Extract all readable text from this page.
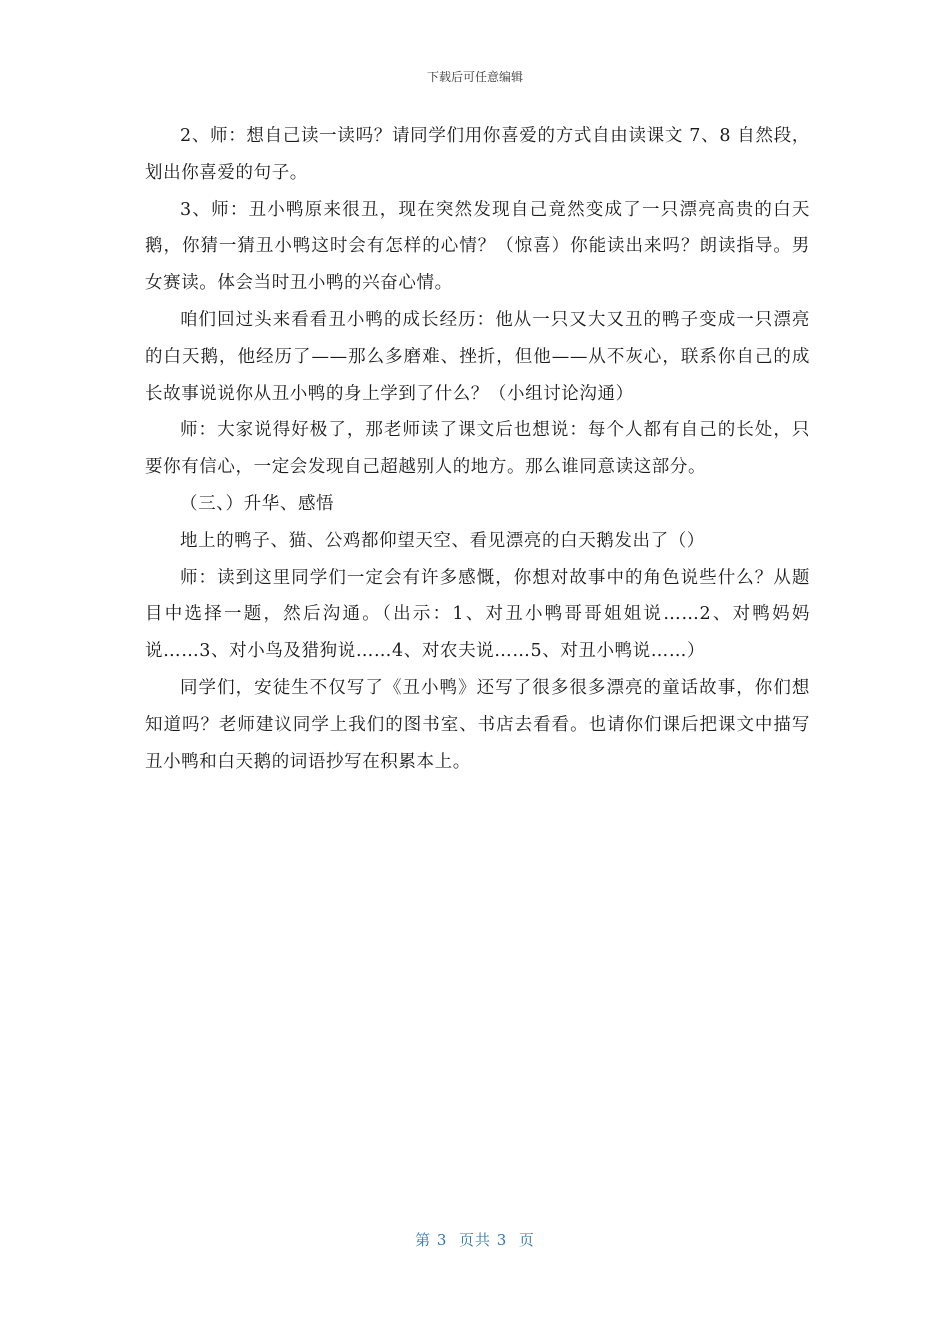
下载后可任意编辑

2、师：想自己读一读吗？请同学们用你喜爱的方式自由读课文 7、8 自然段，划出你喜爱的句子。

3、师：丑小鸭原来很丑，现在突然发现自己竟然变成了一只漂亮高贵的白天鹅，你猜一猜丑小鸭这时会有怎样的心情？（惊喜）你能读出来吗？朗读指导。男女赛读。体会当时丑小鸭的兴奋心情。

咱们回过头来看看丑小鸭的成长经历：他从一只又大又丑的鸭子变成一只漂亮的白天鹅，他经历了——那么多磨难、挫折，但他——从不灰心，联系你自己的成长故事说说你从丑小鸭的身上学到了什么？（小组讨论沟通）

师：大家说得好极了，那老师读了课文后也想说：每个人都有自己的长处，只要你有信心，一定会发现自己超越别人的地方。那么谁同意读这部分。

（三、）升华、感悟

地上的鸭子、猫、公鸡都仰望天空、看见漂亮的白天鹅发出了（）

师：读到这里同学们一定会有许多感慨，你想对故事中的角色说些什么？从题目中选择一题，然后沟通。（出示：1、对丑小鸭哥哥姐姐说……2、对鸭妈妈说……3、对小鸟及猎狗说……4、对农夫说……5、对丑小鸭说……）

同学们，安徒生不仅写了《丑小鸭》还写了很多很多漂亮的童话故事，你们想知道吗？老师建议同学上我们的图书室、书店去看看。也请你们课后把课文中描写丑小鸭和白天鹅的词语抄写在积累本上。

第 3  页共 3  页
